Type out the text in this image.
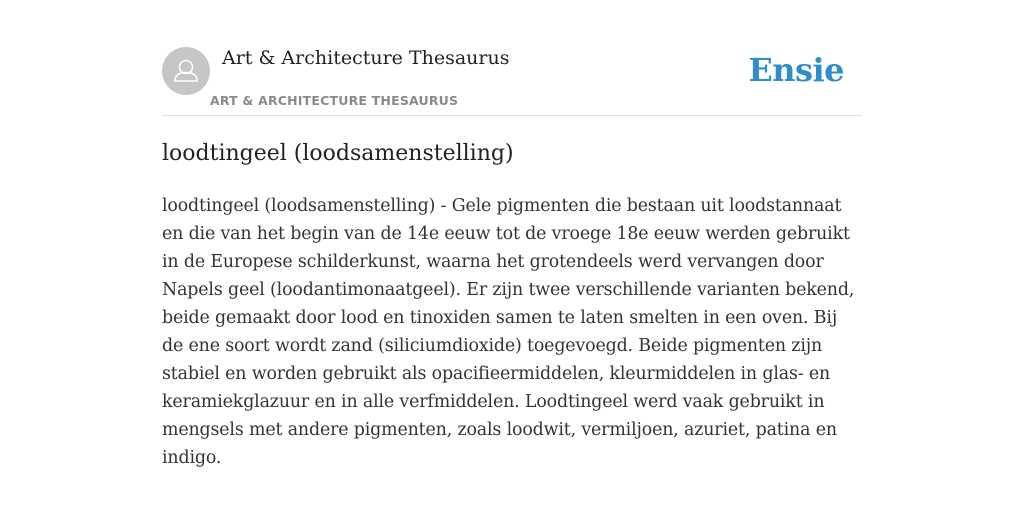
Art & Architecture Thesaurus
ART & ARCHITECTURE THESAURUS
Ensie
loodtingeel (loodsamenstelling)

loodtingeel (loodsamenstelling) - Gele pigmenten die bestaan uit loodstannaat en die van het begin van de 14e eeuw tot de vroege 18e eeuw werden gebruikt in de Europese schilderkunst, waarna het grotendeels werd vervangen door Napels geel (loodantimonaatgeel). Er zijn twee verschillende varianten bekend, beide gemaakt door lood en tinoxiden samen te laten smelten in een oven. Bij de ene soort wordt zand (siliciumdioxide) toegevoegd. Beide pigmenten zijn stabiel en worden gebruikt als opacifieermiddelen, kleurmiddelen in glas- en keramiekglazuur en in alle verfmiddelen. Loodtingeel werd vaak gebruikt in mengsels met andere pigmenten, zoals loodwit, vermiljoen, azuriet, patina en indigo.
